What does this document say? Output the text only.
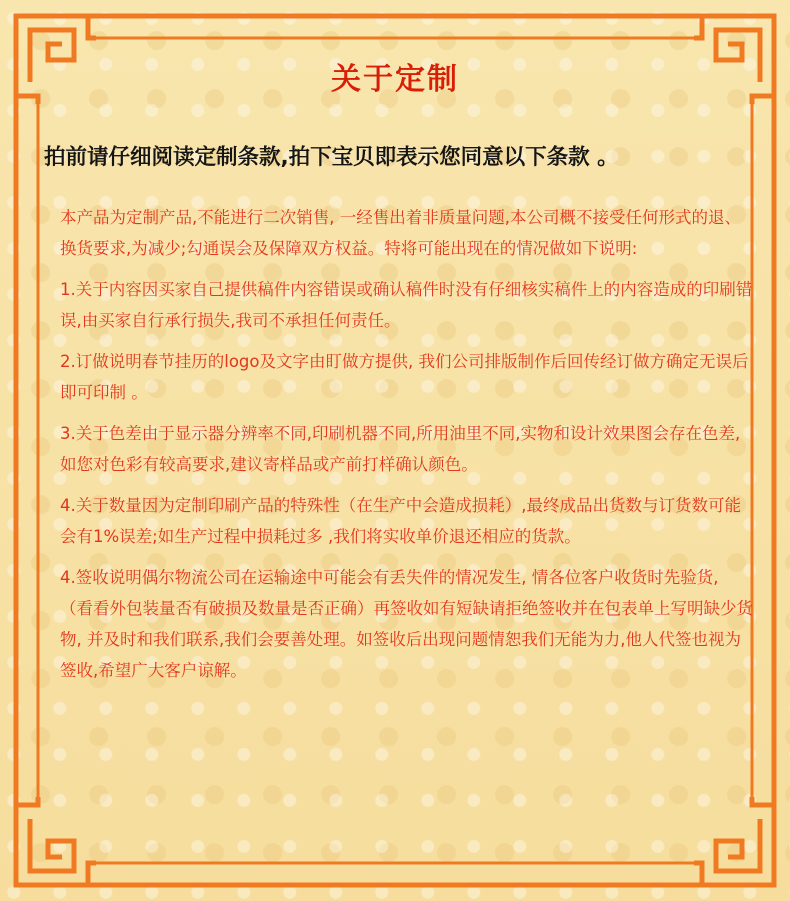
关于定制
拍前请仔细阅读定制条款,拍下宝贝即表示您同意以下条款 。

本产品为定制产品,不能进行二次销售, 一经售出着非质量问题,本公司概不接受任何形式的退、换货要求,为减少;勾通误会及保障双方权益。特将可能出现在的情况做如下说明:

1.关于内容因买家自己提供稿件内容错误或确认稿件时没有仔细核实稿件上的内容造成的印刷错误,由买家自行承行损失,我司不承担任何责任。

2.订做说明春节挂历的logo及文字由盯做方提供, 我们公司排版制作后回传经订做方确定无误后即可印制 。

3.关于色差由于显示器分辨率不同,印刷机器不同,所用油里不同,实物和设计效果图会存在色差,如您对色彩有较高要求,建议寄样品或产前打样确认颜色。

4.关于数量因为定制印刷产品的特殊性（在生产中会造成损耗）,最终成品出货数与订货数可能会有1%误差;如生产过程中损耗过多 ,我们将实收单价退还相应的货款。

4.签收说明偶尔物流公司在运输途中可能会有丢失件的情况发生, 情各位客户收货时先验货, （看看外包装量否有破损及数量是否正确）再签收如有短缺请拒绝签收并在包表单上写明缺少货物, 并及时和我们联系,我们会要善处理。如签收后出现问题情恕我们无能为力,他人代签也视为签收,希望广大客户谅解。
